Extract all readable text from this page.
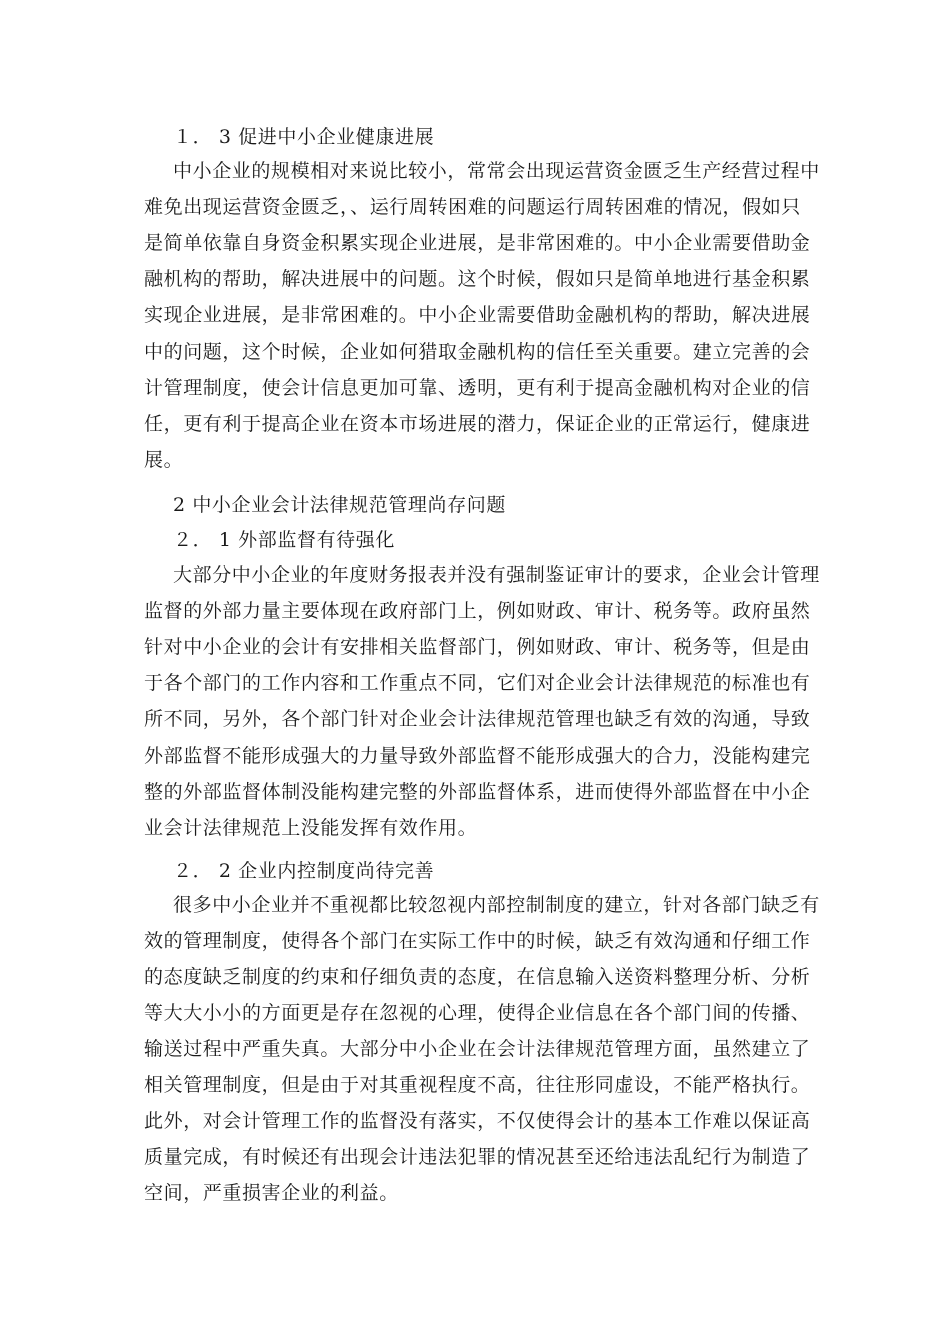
１． 3 促进中小企业健康进展
中小企业的规模相对来说比较小，常常会出现运营资金匮乏生产经营过程中
难免出现运营资金匮乏，、运行周转困难的问题运行周转困难的情况，假如只
是简单依靠自身资金积累实现企业进展，是非常困难的。中小企业需要借助金
融机构的帮助，解决进展中的问题。这个时候，假如只是简单地进行基金积累
实现企业进展，是非常困难的。中小企业需要借助金融机构的帮助，解决进展
中的问题，这个时候，企业如何猎取金融机构的信任至关重要。建立完善的会
计管理制度，使会计信息更加可靠、透明，更有利于提高金融机构对企业的信
任，更有利于提高企业在资本市场进展的潜力，保证企业的正常运行，健康进
展。
2 中小企业会计法律规范管理尚存问题
２． 1 外部监督有待强化
大部分中小企业的年度财务报表并没有强制鉴证审计的要求，企业会计管理
监督的外部力量主要体现在政府部门上，例如财政、审计、税务等。政府虽然
针对中小企业的会计有安排相关监督部门，例如财政、审计、税务等，但是由
于各个部门的工作内容和工作重点不同，它们对企业会计法律规范的标准也有
所不同，另外，各个部门针对企业会计法律规范管理也缺乏有效的沟通，导致
外部监督不能形成强大的力量导致外部监督不能形成强大的合力，没能构建完
整的外部监督体制没能构建完整的外部监督体系，进而使得外部监督在中小企
业会计法律规范上没能发挥有效作用。
２． 2 企业内控制度尚待完善
很多中小企业并不重视都比较忽视内部控制制度的建立，针对各部门缺乏有
效的管理制度，使得各个部门在实际工作中的时候，缺乏有效沟通和仔细工作
的态度缺乏制度的约束和仔细负责的态度，在信息输入送资料整理分析、分析
等大大小小的方面更是存在忽视的心理，使得企业信息在各个部门间的传播、
输送过程中严重失真。大部分中小企业在会计法律规范管理方面，虽然建立了
相关管理制度，但是由于对其重视程度不高，往往形同虚设，不能严格执行。
此外，对会计管理工作的监督没有落实，不仅使得会计的基本工作难以保证高
质量完成，有时候还有出现会计违法犯罪的情况甚至还给违法乱纪行为制造了
空间，严重损害企业的利益。
